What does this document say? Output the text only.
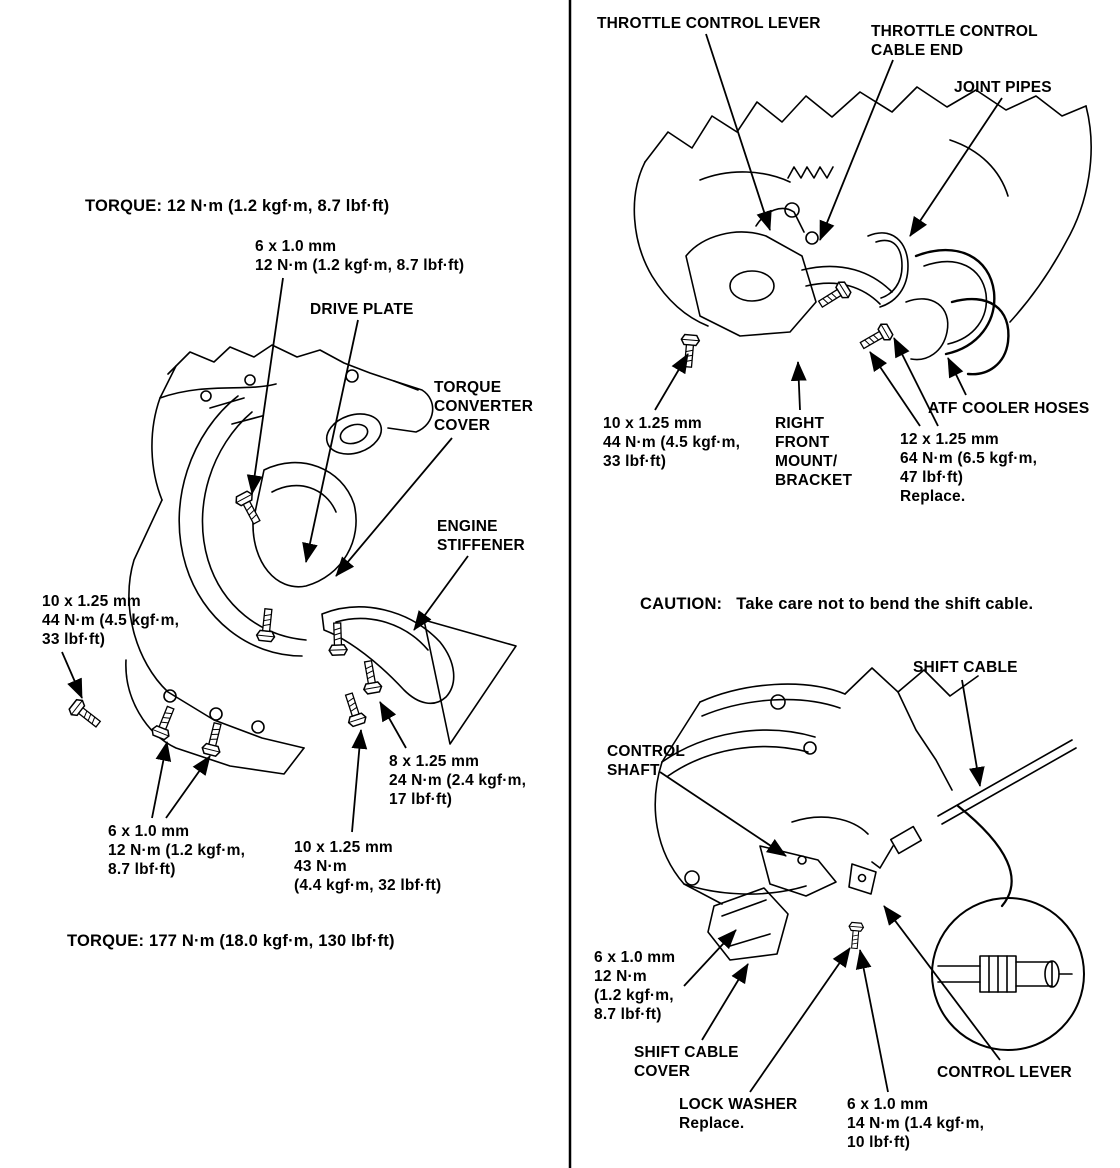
TORQUE: 12 N·m (1.2 kgf·m, 8.7 lbf·ft)
6 x 1.0 mm
12 N·m (1.2 kgf·m, 8.7 lbf·ft)
DRIVE PLATE
TORQUE
CONVERTER
COVER
ENGINE
STIFFENER
10 x 1.25 mm
44 N·m (4.5 kgf·m,
33 lbf·ft)
8 x 1.25 mm
24 N·m (2.4 kgf·m,
17 lbf·ft)
6 x 1.0 mm
12 N·m (1.2 kgf·m,
8.7 lbf·ft)
10 x 1.25 mm
43 N·m
(4.4 kgf·m, 32 lbf·ft)
TORQUE: 177 N·m (18.0 kgf·m, 130 lbf·ft)
THROTTLE CONTROL LEVER	THROTTLE CONTROL
CABLE END
JOINT PIPES
10 x 1.25 mm
44 N·m (4.5 kgf·m,
33 lbf·ft)
RIGHT
FRONT
MOUNT/
BRACKET
ATF COOLER HOSES
12 x 1.25 mm
64 N·m (6.5 kgf·m,
47 lbf·ft)
Replace.
CAUTION: Take care not to bend the shift cable.
SHIFT CABLE
CONTROL
SHAFT
6 x 1.0 mm
12 N·m
(1.2 kgf·m,
8.7 lbf·ft)
SHIFT CABLE
COVER
LOCK WASHER
Replace.
CONTROL LEVER
6 x 1.0 mm
14 N·m (1.4 kgf·m,
10 lbf·ft)
